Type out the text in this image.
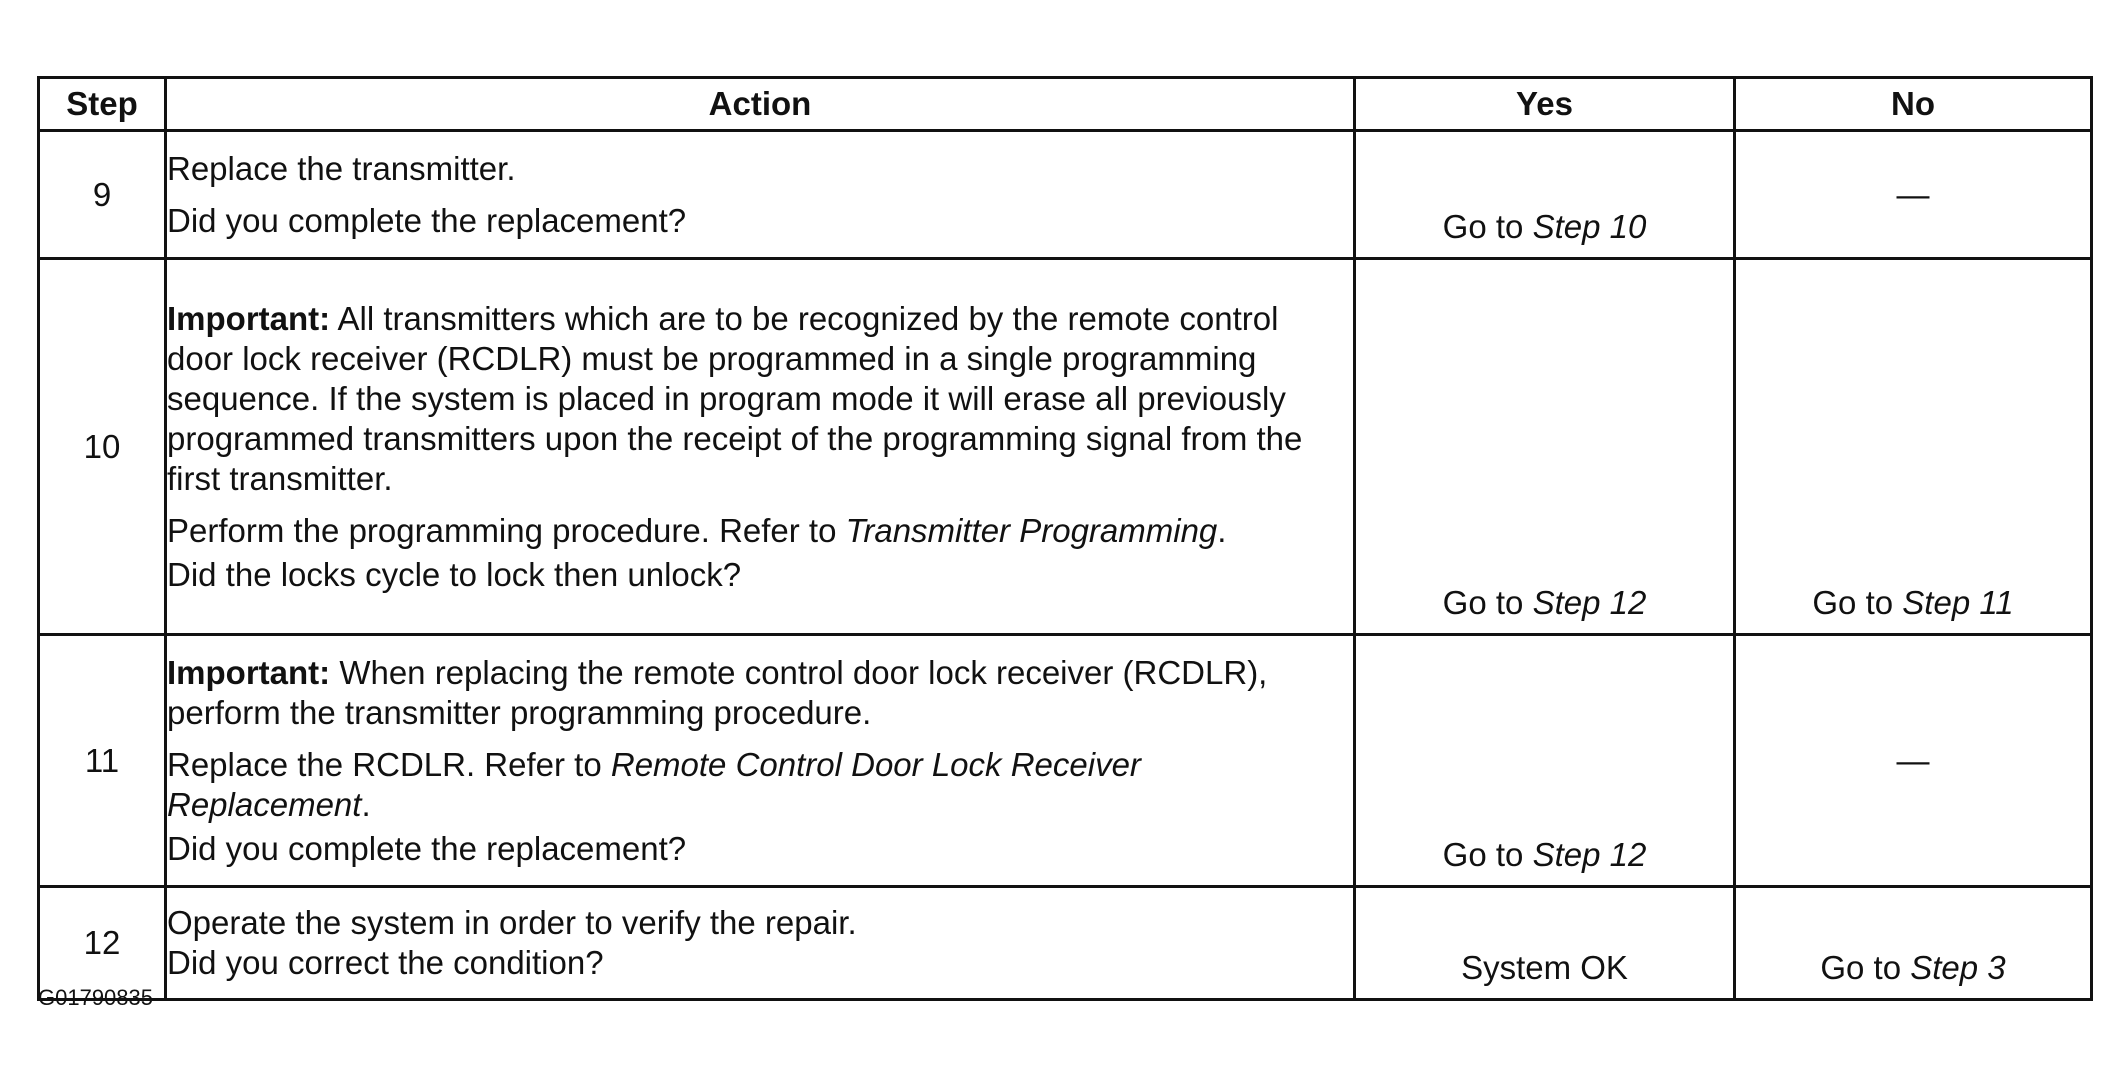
Step	Action	Yes	No
9	Replace the transmitter.

Did you complete the replacement?	Go to Step 10	—
10	Important: All transmitters which are to be recognized by the remote control door lock receiver (RCDLR) must be programmed in a single programming sequence. If the system is placed in program mode it will erase all previously programmed transmitters upon the receipt of the programming signal from the first transmitter.

Perform the programming procedure. Refer to Transmitter Programming.

Did the locks cycle to lock then unlock?	Go to Step 12	Go to Step 11
11	Important: When replacing the remote control door lock receiver (RCDLR), perform the transmitter programming procedure.

Replace the RCDLR. Refer to Remote Control Door Lock Receiver Replacement.

Did you complete the replacement?	Go to Step 12	—
12	Operate the system in order to verify the repair.

Did you correct the condition?	System OK	Go to Step 3
G01790835
